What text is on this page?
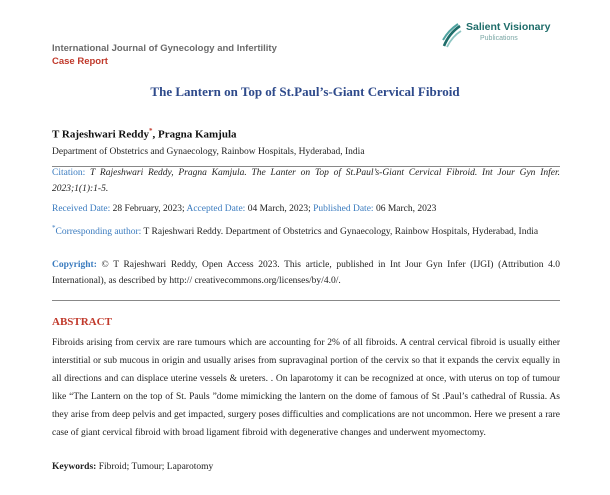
Salient Visionary
Publications
International Journal of Gynecology and Infertility
Case Report
The Lantern on Top of St.Paul’s-Giant Cervical Fibroid
T Rajeshwari Reddy*, Pragna Kamjula
Department of Obstetrics and Gynaecology, Rainbow Hospitals, Hyderabad, India
Citation: T Rajeshwari Reddy, Pragna Kamjula. The Lanter on Top of St.Paul’s-Giant Cervical Fibroid. Int Jour Gyn Infer. 2023;1(1):1-5.
Received Date: 28 February, 2023; Accepted Date: 04 March, 2023; Published Date: 06 March, 2023
*Corresponding author: T Rajeshwari Reddy. Department of Obstetrics and Gynaecology, Rainbow Hospitals, Hyderabad, India
Copyright: © T Rajeshwari Reddy, Open Access 2023. This article, published in Int Jour Gyn Infer (IJGI) (Attribution 4.0 International), as described by http:// creativecommons.org/licenses/by/4.0/.
ABSTRACT
Fibroids arising from cervix are rare tumours which are accounting for 2% of all fibroids. A central cervical fibroid is usually either interstitial or sub mucous in origin and usually arises from supravaginal portion of the cervix so that it expands the cervix equally in all directions and can displace uterine vessels & ureters. . On laparotomy it can be recognized at once, with uterus on top of tumour like “The Lantern on the top of St. Pauls ”dome mimicking the lantern on the dome of famous of St .Paul’s cathedral of Russia. As they arise from deep pelvis and get impacted, surgery poses difficulties and complications are not uncommon. Here we present a rare case of giant cervical fibroid with broad ligament fibroid with degenerative changes and underwent myomectomy.
Keywords: Fibroid; Tumour; Laparotomy
